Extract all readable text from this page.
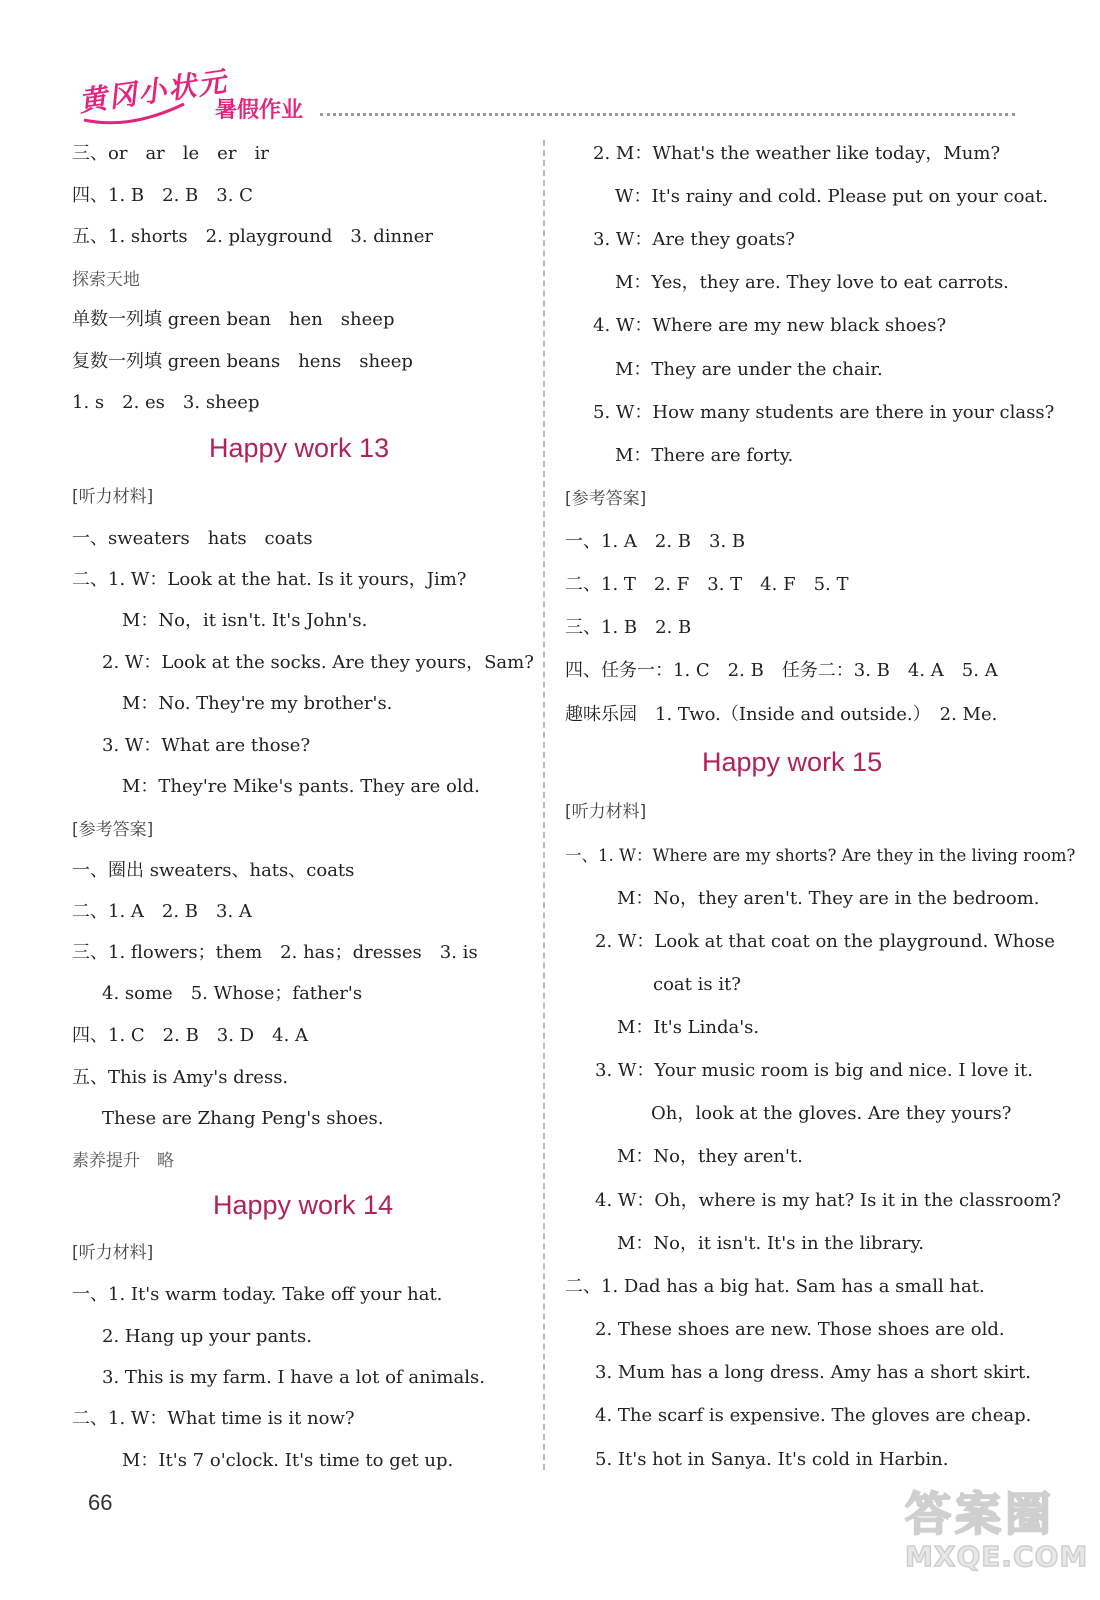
黄冈小状元
暑假作业
三、or　ar　le　er　ir
四、1. B　2. B　3. C
五、1. shorts　2. playground　3. dinner
探索天地
单数一列填 green bean　hen　sheep
复数一列填 green beans　hens　sheep
1. s　2. es　3. sheep
Happy work 13
[听力材料]
一、sweaters　hats　coats
二、1. W：Look at the hat. Is it yours，Jim?
M：No，it isn't. It's John's.
2. W：Look at the socks. Are they yours，Sam?
M：No. They're my brother's.
3. W：What are those?
M：They're Mike's pants. They are old.
[参考答案]
一、圈出 sweaters、hats、coats
二、1. A　2. B　3. A
三、1. flowers；them　2. has；dresses　3. is
4. some　5. Whose；father's
四、1. C　2. B　3. D　4. A
五、This is Amy's dress.
These are Zhang Peng's shoes.
素养提升　略
Happy work 14
[听力材料]
一、1. It's warm today. Take off your hat.
2. Hang up your pants.
3. This is my farm. I have a lot of animals.
二、1. W：What time is it now?
M：It's 7 o'clock. It's time to get up.
2. M：What's the weather like today，Mum?
W：It's rainy and cold. Please put on your coat.
3. W：Are they goats?
M：Yes，they are. They love to eat carrots.
4. W：Where are my new black shoes?
M：They are under the chair.
5. W：How many students are there in your class?
M：There are forty.
[参考答案]
一、1. A　2. B　3. B
二、1. T　2. F　3. T　4. F　5. T
三、1. B　2. B
四、任务一：1. C　2. B　任务二：3. B　4. A　5. A
趣味乐园　1. Two.（Inside and outside.）　2. Me.
Happy work 15
[听力材料]
一、1. W：Where are my shorts? Are they in the living room?
M：No，they aren't. They are in the bedroom.
2. W：Look at that coat on the playground. Whose
coat is it?
M：It's Linda's.
3. W：Your music room is big and nice. I love it.
Oh，look at the gloves. Are they yours?
M：No，they aren't.
4. W：Oh，where is my hat? Is it in the classroom?
M：No，it isn't. It's in the library.
二、1. Dad has a big hat. Sam has a small hat.
2. These shoes are new. Those shoes are old.
3. Mum has a long dress. Amy has a short skirt.
4. The scarf is expensive. The gloves are cheap.
5. It's hot in Sanya. It's cold in Harbin.
66	答案圈
MXQE.COM
